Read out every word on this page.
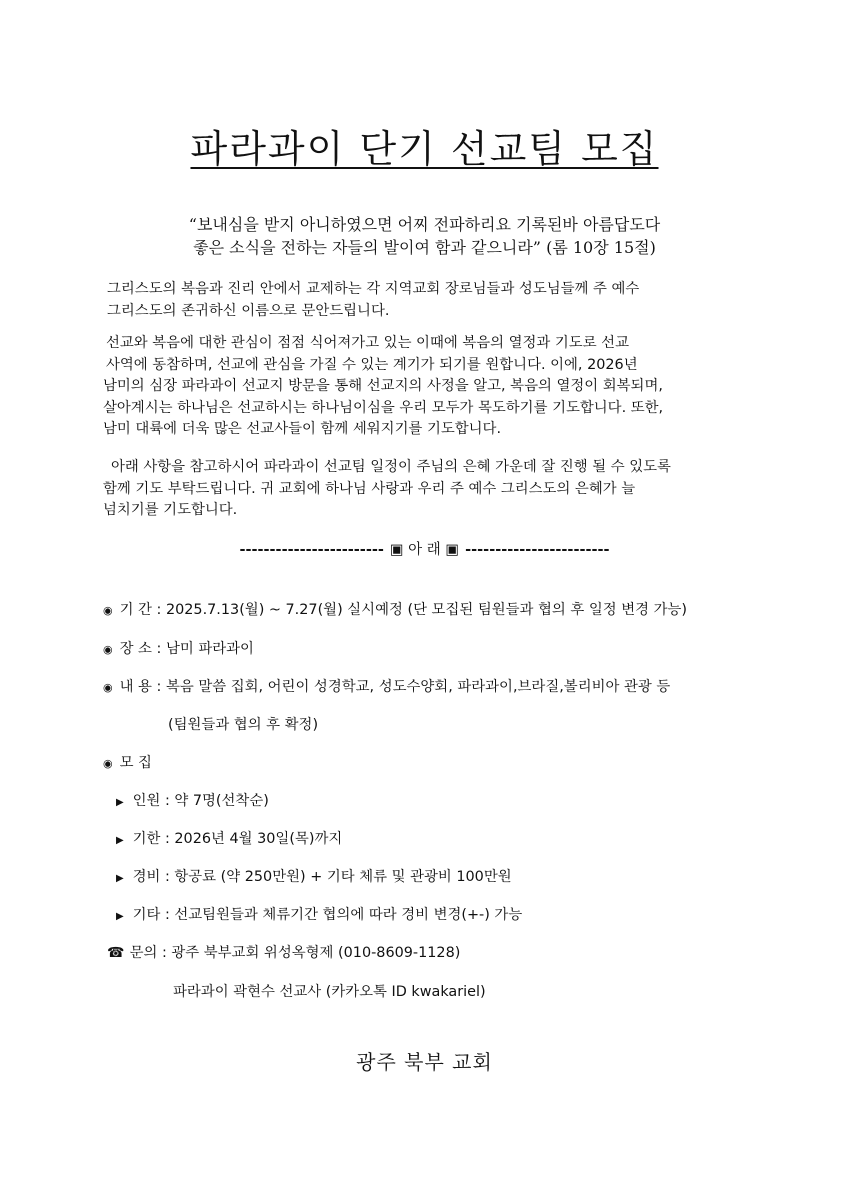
파라과이 단기 선교팀 모집
“보내심을 받지 아니하였으면 어찌 전파하리요 기록된바 아름답도다
좋은 소식을 전하는 자들의 발이여 함과 같으니라” (롬 10장 15절)
그리스도의 복음과 진리 안에서 교제하는 각 지역교회 장로님들과 성도님들께 주 예수
그리스도의 존귀하신 이름으로 문안드립니다.
선교와 복음에 대한 관심이 점점 식어져가고 있는 이때에 복음의 열정과 기도로 선교
사역에 동참하며, 선교에 관심을 가질 수 있는 계기가 되기를 원합니다. 이에, 2026년
남미의 심장 파라과이 선교지 방문을 통해 선교지의 사정을 알고, 복음의 열정이 회복되며,
살아계시는 하나님은 선교하시는 하나님이심을 우리 모두가 목도하기를 기도합니다. 또한,
남미 대륙에 더욱 많은 선교사들이 함께 세워지기를 기도합니다.
아래 사항을 참고하시어 파라과이 선교팀 일정이 주님의 은혜 가운데 잘 진행 될 수 있도록
함께 기도 부탁드립니다. 귀 교회에 하나님 사랑과 우리 주 예수 그리스도의 은혜가 늘
넘치기를 기도합니다.
------------------------ ▣ 아 래 ▣ ------------------------
◉ 기 간 : 2025.7.13(월) ~ 7.27(월) 실시예정 (단 모집된 팀원들과 협의 후 일정 변경 가능)
◉ 장 소 : 남미 파라과이
◉ 내 용 : 복음 말씀 집회, 어린이 성경학교, 성도수양회, 파라과이,브라질,볼리비아 관광 등
(팀원들과 협의 후 확정)
◉ 모 집
▶ 인원 : 약 7명(선착순)
▶ 기한 : 2026년 4월 30일(목)까지
▶ 경비 : 항공료 (약 250만원) + 기타 체류 및 관광비 100만원
▶ 기타 : 선교팀원들과 체류기간 협의에 따라 경비 변경(+-) 가능
☎ 문의 : 광주 북부교회 위성옥형제 (010-8609-1128)
파라과이 곽현수 선교사 (카카오톡 ID kwakariel)
광주 북부 교회
